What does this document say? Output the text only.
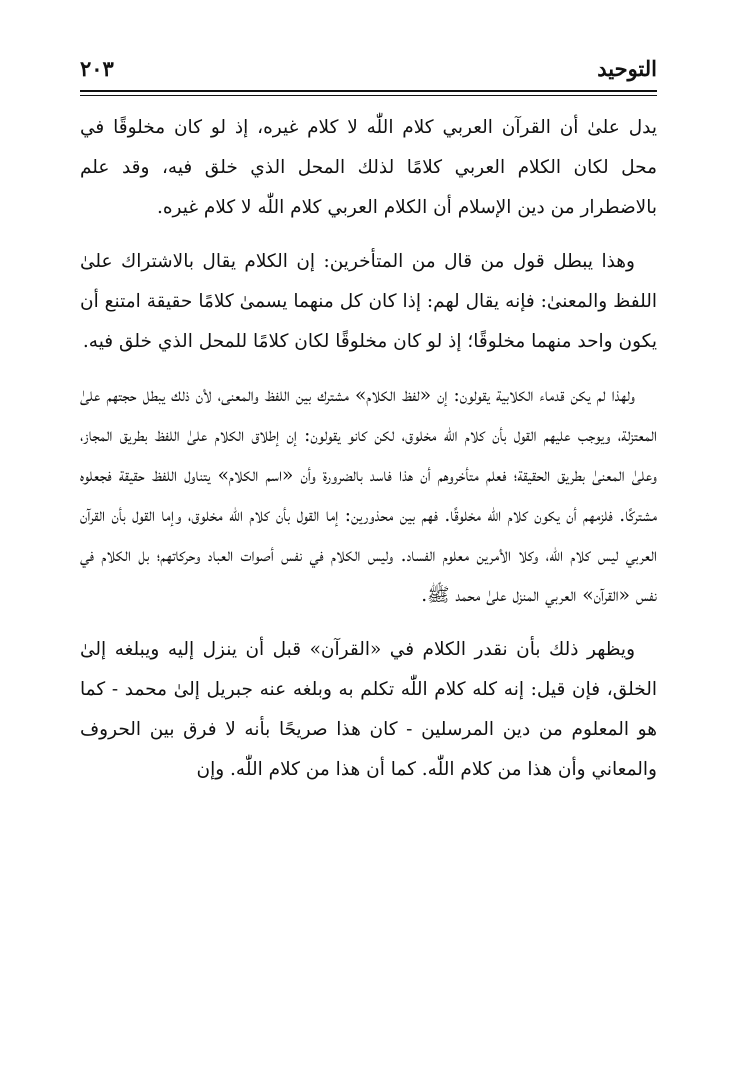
٢٠٣	التوحيد

يدل علىٰ أن القرآن العربي كلام اللّٰه لا كلام غيره، إذ لو كان مخلوقًا في محل لكان الكلام العربي كلامًا لذلك المحل الذي خلق فيه، وقد علم بالاضطرار من دين الإسلام أن الكلام العربي كلام اللّٰه لا كلام غيره.

وهذا يبطل قول من قال من المتأخرين: إن الكلام يقال بالاشتراك علىٰ اللفظ والمعنىٰ: فإنه يقال لهم: إذا كان كل منهما يسمىٰ كلامًا حقيقة امتنع أن يكون واحد منهما مخلوقًا؛ إذ لو كان مخلوقًا لكان كلامًا للمحل الذي خلق فيه.

ولهذا لم يكن قدماء الكلابية يقولون: إن «لفظ الكلام» مشترك بين اللفظ والمعنى، لأن ذلك يبطل حجتهم علىٰ المعتزلة، ويوجب عليهم القول بأن كلام اللّٰه مخلوق، لكن كانو يقولون: إن إطلاق الكلام علىٰ اللفظ بطريق المجاز، وعلىٰ المعنىٰ بطريق الحقيقة؛ فعلم متأخروهم أن هذا فاسد بالضرورة وأن «اسم الكلام» يتناول اللفظ حقيقة فجعلوه مشتركًا. فلزمهم أن يكون كلام اللّٰه مخلوقًا. فهم بين محذورين: إما القول بأن كلام اللّٰه مخلوق، وإما القول بأن القرآن العربي ليس كلام اللّٰه، وكلا الأمرين معلوم الفساد. وليس الكلام في نفس أصوات العباد وحركاتهم؛ بل الكلام في نفس «القرآن» العربي المنزل علىٰ محمد ﷺ.

ويظهر ذلك بأن نقدر الكلام في «القرآن» قبل أن ينزل إليه ويبلغه إلىٰ الخلق، فإن قيل: إنه كله كلام اللّٰه تكلم به وبلغه عنه جبريل إلىٰ محمد - كما هو المعلوم من دين المرسلين - كان هذا صريحًا بأنه لا فرق بين الحروف والمعاني وأن هذا من كلام اللّٰه. كما أن هذا من كلام اللّٰه. وإن
